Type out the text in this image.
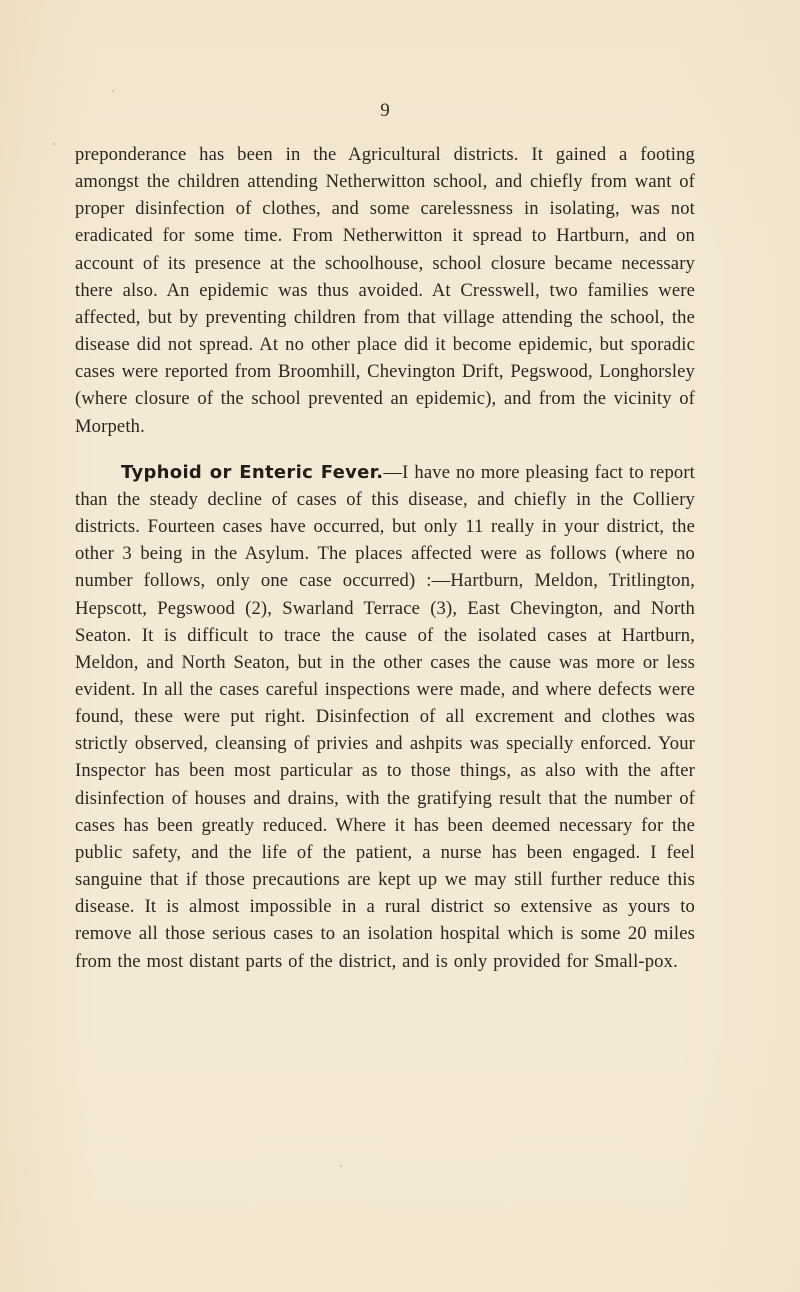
9

preponderance has been in the Agricultural districts. It gained a footing amongst the children attending Netherwitton school, and chiefly from want of proper disinfection of clothes, and some carelessness in isolating, was not eradicated for some time. From Netherwitton it spread to Hartburn, and on account of its presence at the schoolhouse, school closure became necessary there also. An epidemic was thus avoided. At Cresswell, two families were affected, but by preventing children from that village attending the school, the disease did not spread. At no other place did it become epidemic, but sporadic cases were reported from Broomhill, Chevington Drift, Pegswood, Longhorsley (where closure of the school prevented an epidemic), and from the vicinity of Morpeth.

Typhoid or Enteric Fever.—I have no more pleasing fact to report than the steady decline of cases of this disease, and chiefly in the Colliery districts. Fourteen cases have occurred, but only 11 really in your district, the other 3 being in the Asylum. The places affected were as follows (where no number follows, only one case occurred) :—Hartburn, Meldon, Tritlington, Hepscott, Pegswood (2), Swarland Terrace (3), East Chevington, and North Seaton. It is difficult to trace the cause of the isolated cases at Hartburn, Meldon, and North Seaton, but in the other cases the cause was more or less evident. In all the cases careful inspections were made, and where defects were found, these were put right. Disinfection of all excrement and clothes was strictly observed, cleansing of privies and ashpits was specially enforced. Your Inspector has been most particular as to those things, as also with the after disinfection of houses and drains, with the gratifying result that the number of cases has been greatly reduced. Where it has been deemed necessary for the public safety, and the life of the patient, a nurse has been engaged. I feel sanguine that if those precautions are kept up we may still further reduce this disease. It is almost impossible in a rural district so extensive as yours to remove all those serious cases to an isolation hospital which is some 20 miles from the most distant parts of the district, and is only provided for Small-pox.
